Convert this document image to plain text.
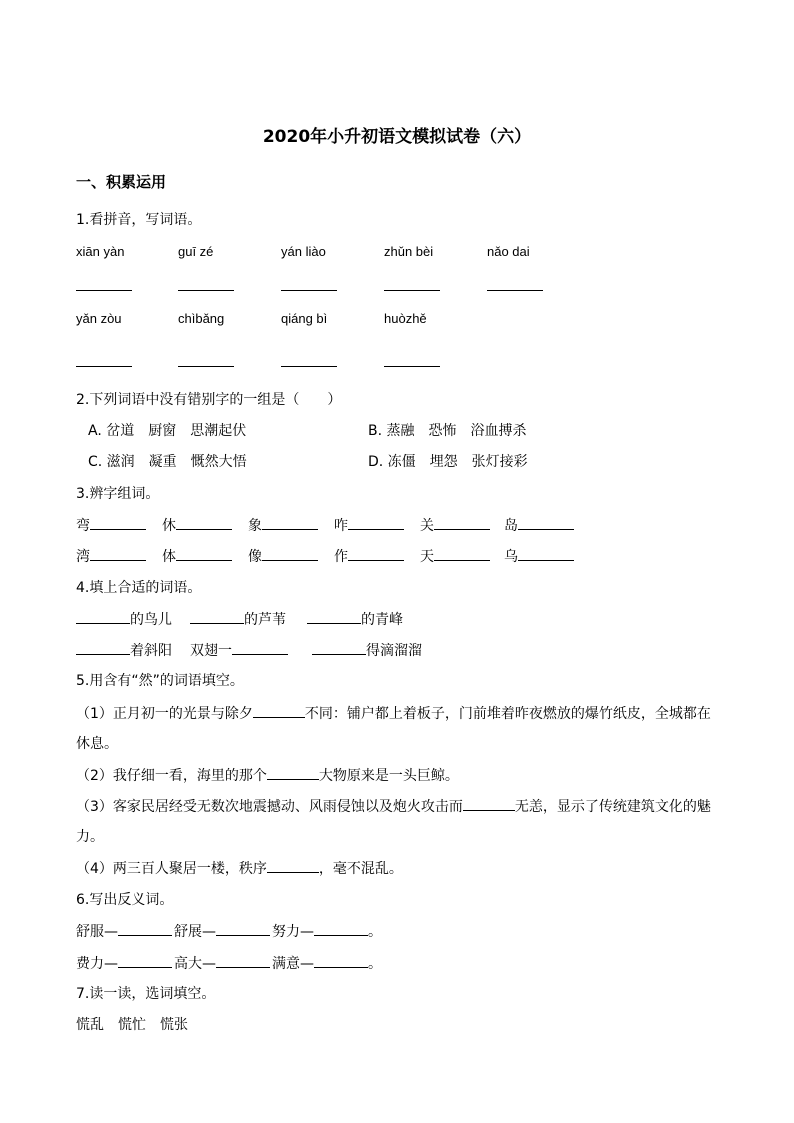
2020年小升初语文模拟试卷（六）
一、积累运用
1.看拼音，写词语。
xiān yàn	guī zé	yán liào	zhǔn bèi	nǎo dai
yǎn zòu	chìbǎng	qiáng bì	huòzhě
2.下列词语中没有错别字的一组是（　　）
A. 岔道　厨窗　思潮起伏	B. 蒸融　恐怖　浴血搏杀
C. 滋润　凝重　慨然大悟	D. 冻僵　埋怨　张灯接彩
3.辨字组词。
弯	休	象	咋	关	岛
湾	体	像	作	天	乌
4.填上合适的词语。
的鸟儿	的芦苇	的青峰
着斜阳 双翅一	得滴溜溜
5.用含有“然”的词语填空。
（1）正月初一的光景与除夕	不同：铺户都上着板子，门前堆着昨夜燃放的爆竹纸皮，全城都在
休息。
（2）我仔细一看，海里的那个	大物原来是一头巨鲸。
（3）客家民居经受无数次地震撼动、风雨侵蚀以及炮火攻击而	无恙，显示了传统建筑文化的魅
力。
（4）两三百人聚居一楼，秩序	，毫不混乱。
6.写出反义词。
舒服—	舒展—	努力—	。
费力—	高大—	满意—	。
7.读一读，选词填空。
慌乱　慌忙　慌张
